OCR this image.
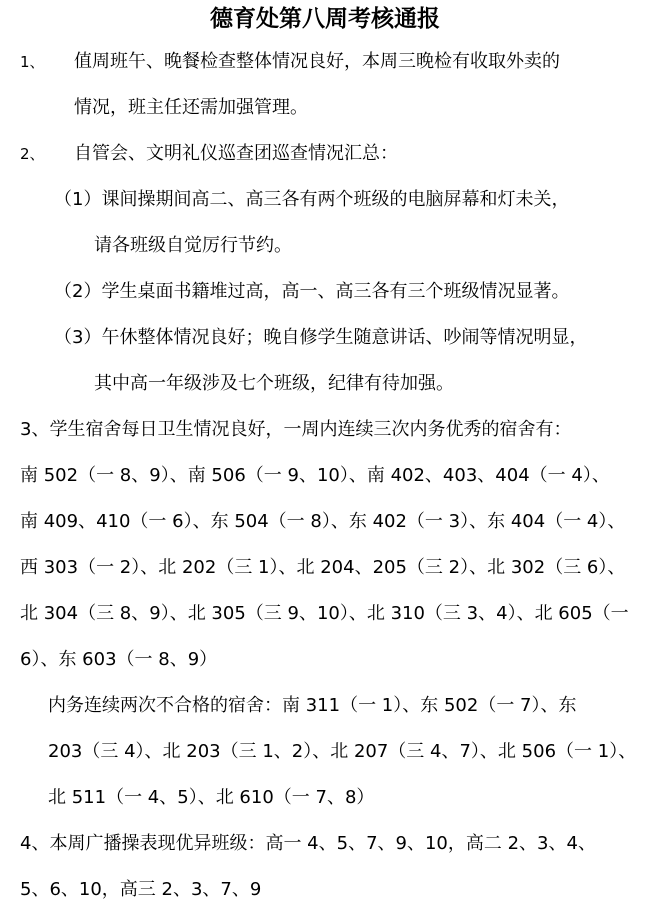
德育处第八周考核通报
1、 值周班午、晚餐检查整体情况良好，本周三晚检有收取外卖的
情况，班主任还需加强管理。
2、 自管会、文明礼仪巡查团巡查情况汇总：
（1）课间操期间高二、高三各有两个班级的电脑屏幕和灯未关，
请各班级自觉厉行节约。
（2）学生桌面书籍堆过高，高一、高三各有三个班级情况显著。
（3）午休整体情况良好；晚自修学生随意讲话、吵闹等情况明显，
其中高一年级涉及七个班级，纪律有待加强。
3、学生宿舍每日卫生情况良好，一周内连续三次内务优秀的宿舍有：
南 502（一 8、9）、南 506（一 9、10）、南 402、403、404（一 4）、
南 409、410（一 6）、东 504（一 8）、东 402（一 3）、东 404（一 4）、
西 303（一 2）、北 202（三 1）、北 204、205（三 2）、北 302（三 6）、
北 304（三 8、9）、北 305（三 9、10）、北 310（三 3、4）、北 605（一
6）、东 603（一 8、9）
内务连续两次不合格的宿舍：南 311（一 1）、东 502（一 7）、东
203（三 4）、北 203（三 1、2）、北 207（三 4、7）、北 506（一 1）、
北 511（一 4、5）、北 610（一 7、8）
4、本周广播操表现优异班级：高一 4、5、7、9、10，高二 2、3、4、
5、6、10，高三 2、3、7、9
